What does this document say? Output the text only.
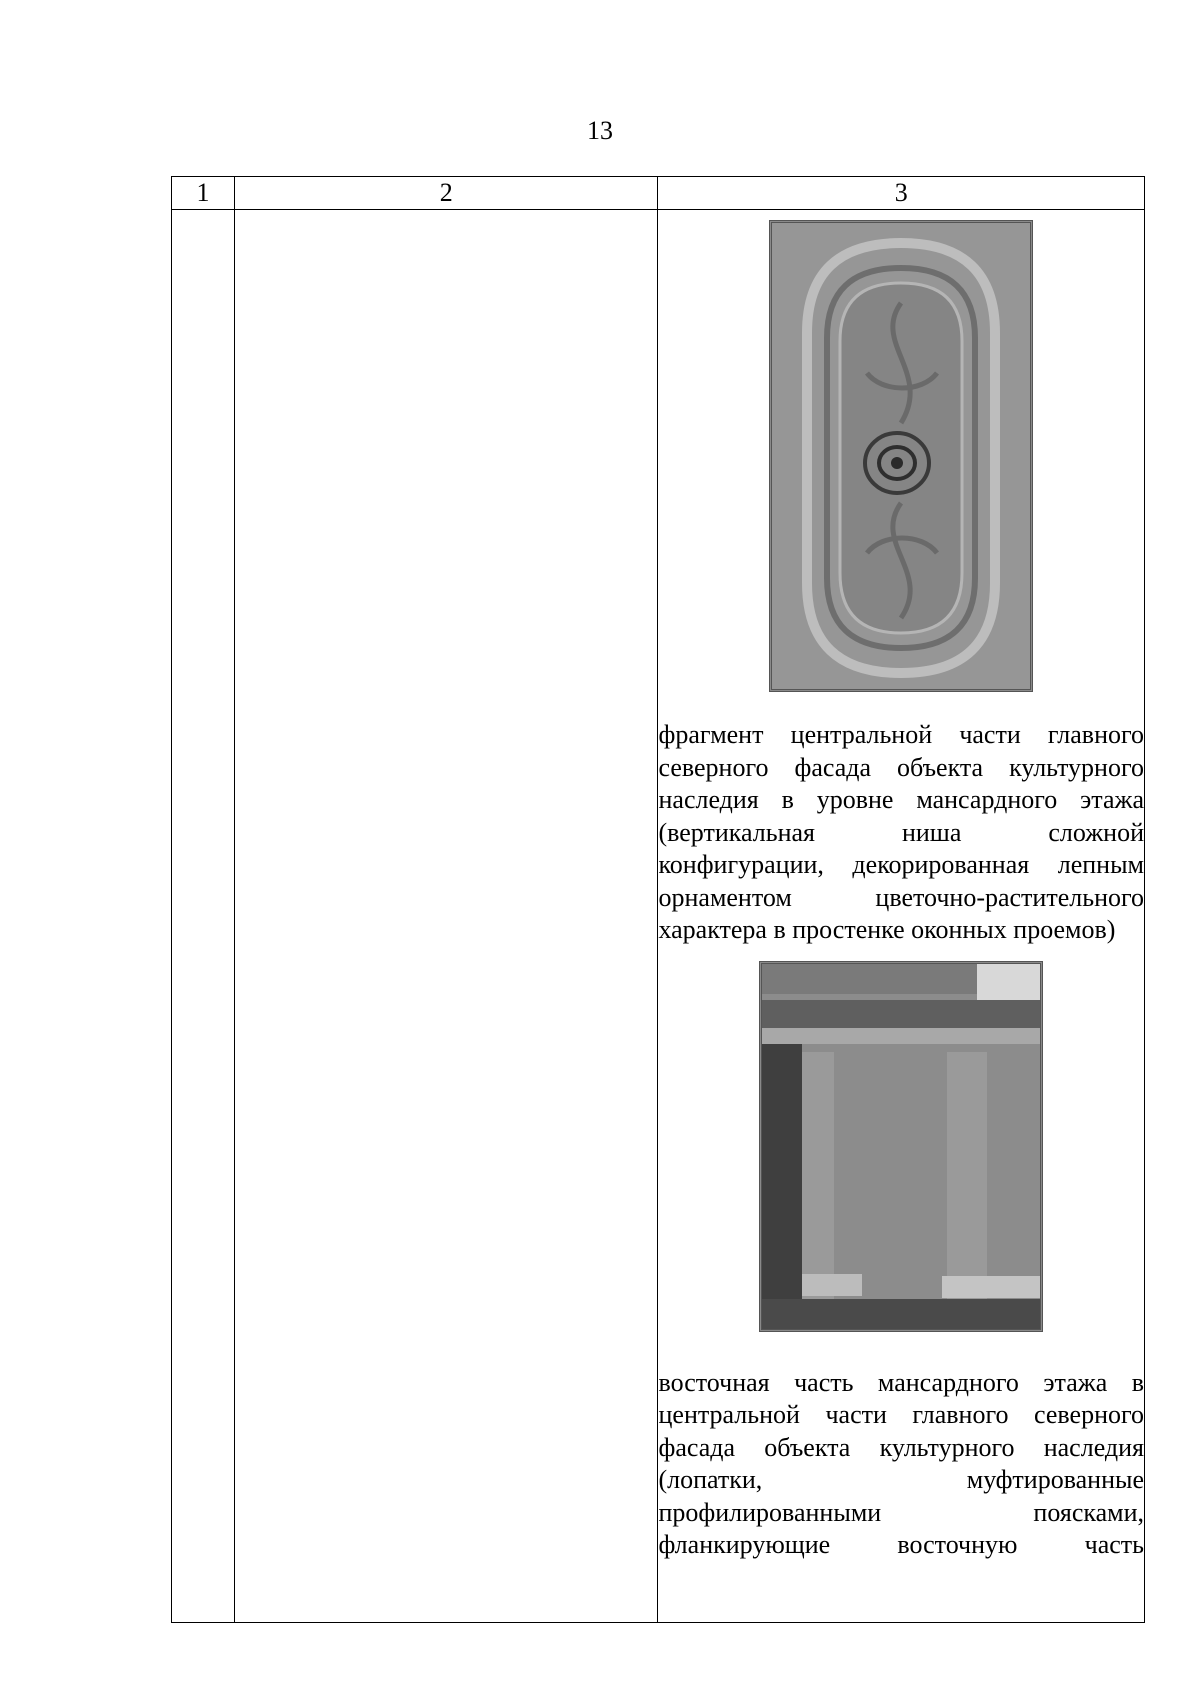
13
1	2	3

		фрагмент центральной части главного северного фасада объекта культурного наследия в уровне мансардного этажа (вертикальная ниша сложной конфигурации, декорированная лепным орнаментом цветочно-растительного характера в простенке оконных проемов)
восточная часть мансардного этажа в центральной части главного северного фасада объекта культурного наследия (лопатки, муфтированные профилированными поясками, фланкирующие восточную часть
